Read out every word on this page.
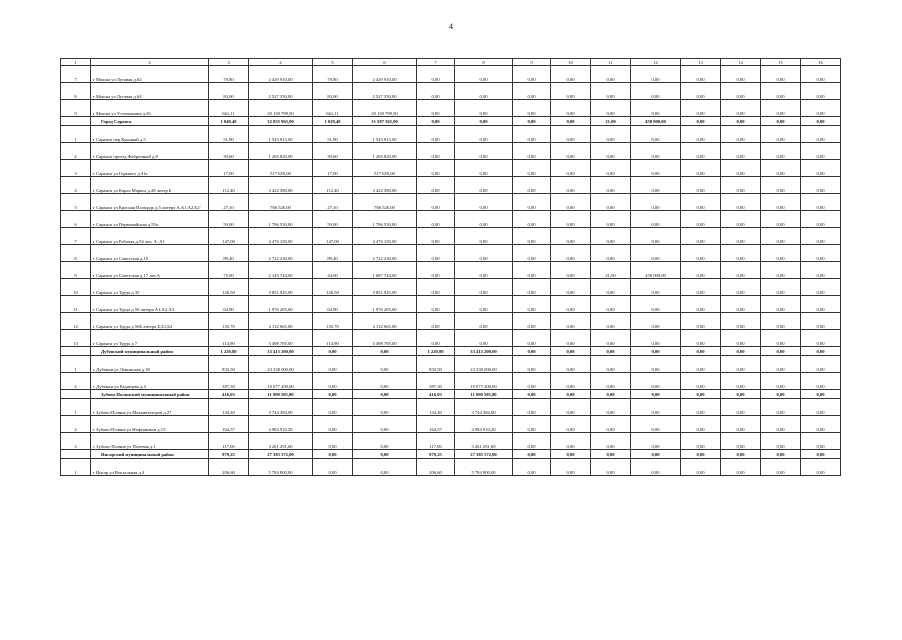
4
1	2	3	4	5	6	7	8	9	10	11	12	13	14	15	16
7	г Мокша ул Лугавая д.62	79,80	2 429 910,00	79,80	2 429 910,00	0,00	0,00	0,00	0,00	0,00	0,00	0,00	0,00	0,00	0,00
8	г Мокша ул Лугавая д.64	83,00	2 527 350,00	83,00	2 527 350,00	0,00	0,00	0,00	0,00	0,00	0,00	0,00	0,00	0,00	0,00
9	г Мокша ул Устюжанина д.26	661,11	20 130 799,50	661,11	20 130 799,50	0,00	0,00	0,00	0,00	0,00	0,00	0,00	0,00	0,00	0,00
	Город Саранск	1 040,40	32 055 965,00	1 029,40	31 597 565,00	0,00	0,00	0,00	0,00	21,00	458 000,00	0,00	0,00	0,00	0,00
1	г Саранск пер Красный д.5	51,90	1 543 815,00	51,90	1 543 815,00	0,00	0,00	0,00	0,00	0,00	0,00	0,00	0,00	0,00	0,00
2	г Саранск проезд Фабричный д.8	39,60	1 205 820,00	39,60	1 205 820,00	0,00	0,00	0,00	0,00	0,00	0,00	0,00	0,00	0,00	0,00
3	г Саранск ул Горького д.41а	17,00	517 650,00	17,00	517 650,00	0,00	0,00	0,00	0,00	0,00	0,00	0,00	0,00	0,00	0,00
4	г Саранск ул Карла Маркса д.28 литер Б	112,40	3 422 580,00	112,40	3 422 580,00	0,00	0,00	0,00	0,00	0,00	0,00	0,00	0,00	0,00	0,00
5	г Саранск ул Красная Площадь д.5 литера А,А1,А2,Б,Г	27,10	766 526,00	27,10	766 526,00	0,00	0,00	0,00	0,00	0,00	0,00	0,00	0,00	0,00	0,00
6	г Саранск ул Первомайская д.55а	59,00	1 796 550,00	59,00	1 796 550,00	0,00	0,00	0,00	0,00	0,00	0,00	0,00	0,00	0,00	0,00
7	г Саранск ул Рабочая д.54 лит. А, А1	147,00	4 476 150,00	147,00	4 476 150,00	0,00	0,00	0,00	0,00	0,00	0,00	0,00	0,00	0,00	0,00
8	г Саранск ул Советская д.10	89,40	2 722 230,00	89,40	2 722 230,00	0,00	0,00	0,00	0,00	0,00	0,00	0,00	0,00	0,00	0,00
9	г Саранск ул Советская д.17 лит.А	75,00	2 145 744,00	44,00	1 687 744,00	0,00	0,00	0,00	0,00	21,00	458 000,00	0,00	0,00	0,00	0,00
10	г Саранск ул Труда д.35	126,50	3 851 925,00	126,50	3 851 925,00	0,00	0,00	0,00	0,00	0,00	0,00	0,00	0,00	0,00	0,00
11	г Саранск ул Труда д.56 литера А1,А2,А3	64,90	1 976 205,00	64,90	1 976 205,00	0,00	0,00	0,00	0,00	0,00	0,00	0,00	0,00	0,00	0,00
12	г Саранск ул Труда д.56Б литера Б,Б1,Б2	135,70	4 132 065,00	135,70	4 132 065,00	0,00	0,00	0,00	0,00	0,00	0,00	0,00	0,00	0,00	0,00
13	г Саранск ул Труда д.7	114,90	3 498 705,00	114,90	3 498 705,00	0,00	0,00	0,00	0,00	0,00	0,00	0,00	0,00	0,00	0,00
	Дубенский муниципальный район	1 220,80	33 415 200,00	0,00	0,00	1 220,80	33 415 200,00	0,00	0,00	0,00	0,00	0,00	0,00	0,00	0,00
1	с Дубенки ул Ленинская д.38	833,50	23 338 000,00	0,00	0,00	833,50	23 338 000,00	0,00	0,00	0,00	0,00	0,00	0,00	0,00	0,00
2	с Дубенки ул Радищева д.4	387,30	10 077 200,00	0,00	0,00	387,30	10 077 200,00	0,00	0,00	0,00	0,00	0,00	0,00	0,00	0,00
	Зубово-Полянский муниципальный район	416,03	11 990 585,80	0,00	0,00	416,03	11 990 585,80	0,00	0,00	0,00	0,00	0,00	0,00	0,00	0,00
1	г Зубово-Поляна ул Механизаторов д.27	134,40	3 744 384,00	0,00	0,00	134,40	3 744 384,00	0,00	0,00	0,00	0,00	0,00	0,00	0,00	0,00
2	г Зубово-Поляна ул Нефтяников д.15	164,57	4 984 910,20	0,00	0,00	164,57	4 984 910,20	0,00	0,00	0,00	0,00	0,00	0,00	0,00	0,00
3	с Зубово-Поляна ул Полевая д.1	117,06	3 261 291,60	0,00	0,00	117,06	3 261 291,60	0,00	0,00	0,00	0,00	0,00	0,00	0,00	0,00
	Инсарский муниципальный район	979,25	27 385 572,00	0,00	0,00	979,25	27 385 572,00	0,00	0,00	0,00	0,00	0,00	0,00	0,00	0,00
1	г Инсар ул Вокзальная д.4	206,60	5 784 800,00	0,00	0,00	206,60	5 784 800,00	0,00	0,00	0,00	0,00	0,00	0,00	0,00	0,00
